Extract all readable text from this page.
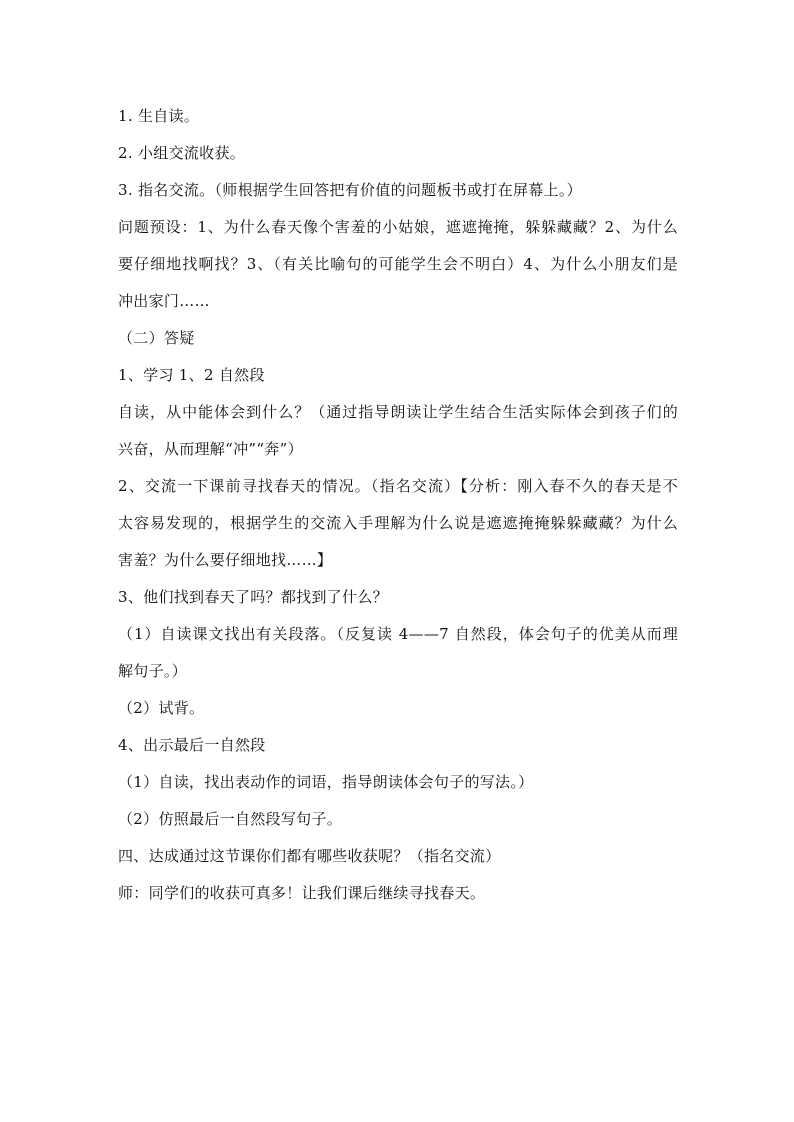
1. 生自读。

2. 小组交流收获。

3. 指名交流。（师根据学生回答把有价值的问题板书或打在屏幕上。）

问题预设：1、为什么春天像个害羞的小姑娘，遮遮掩掩，躲躲藏藏？2、为什么

要仔细地找啊找？3、（有关比喻句的可能学生会不明白）4、为什么小朋友们是

冲出家门……

（二）答疑

1、学习 1、2 自然段

自读，从中能体会到什么？（通过指导朗读让学生结合生活实际体会到孩子们的

兴奋，从而理解“冲”“奔”）

2、交流一下课前寻找春天的情况。（指名交流）【分析：刚入春不久的春天是不

太容易发现的，根据学生的交流入手理解为什么说是遮遮掩掩躲躲藏藏？为什么

害羞？为什么要仔细地找……】

3、他们找到春天了吗？都找到了什么？

（1）自读课文找出有关段落。（反复读 4——7 自然段，体会句子的优美从而理

解句子。）

（2）试背。

4、出示最后一自然段

（1）自读，找出表动作的词语，指导朗读体会句子的写法。）

（2）仿照最后一自然段写句子。

四、达成通过这节课你们都有哪些收获呢？（指名交流）

师：同学们的收获可真多！让我们课后继续寻找春天。
